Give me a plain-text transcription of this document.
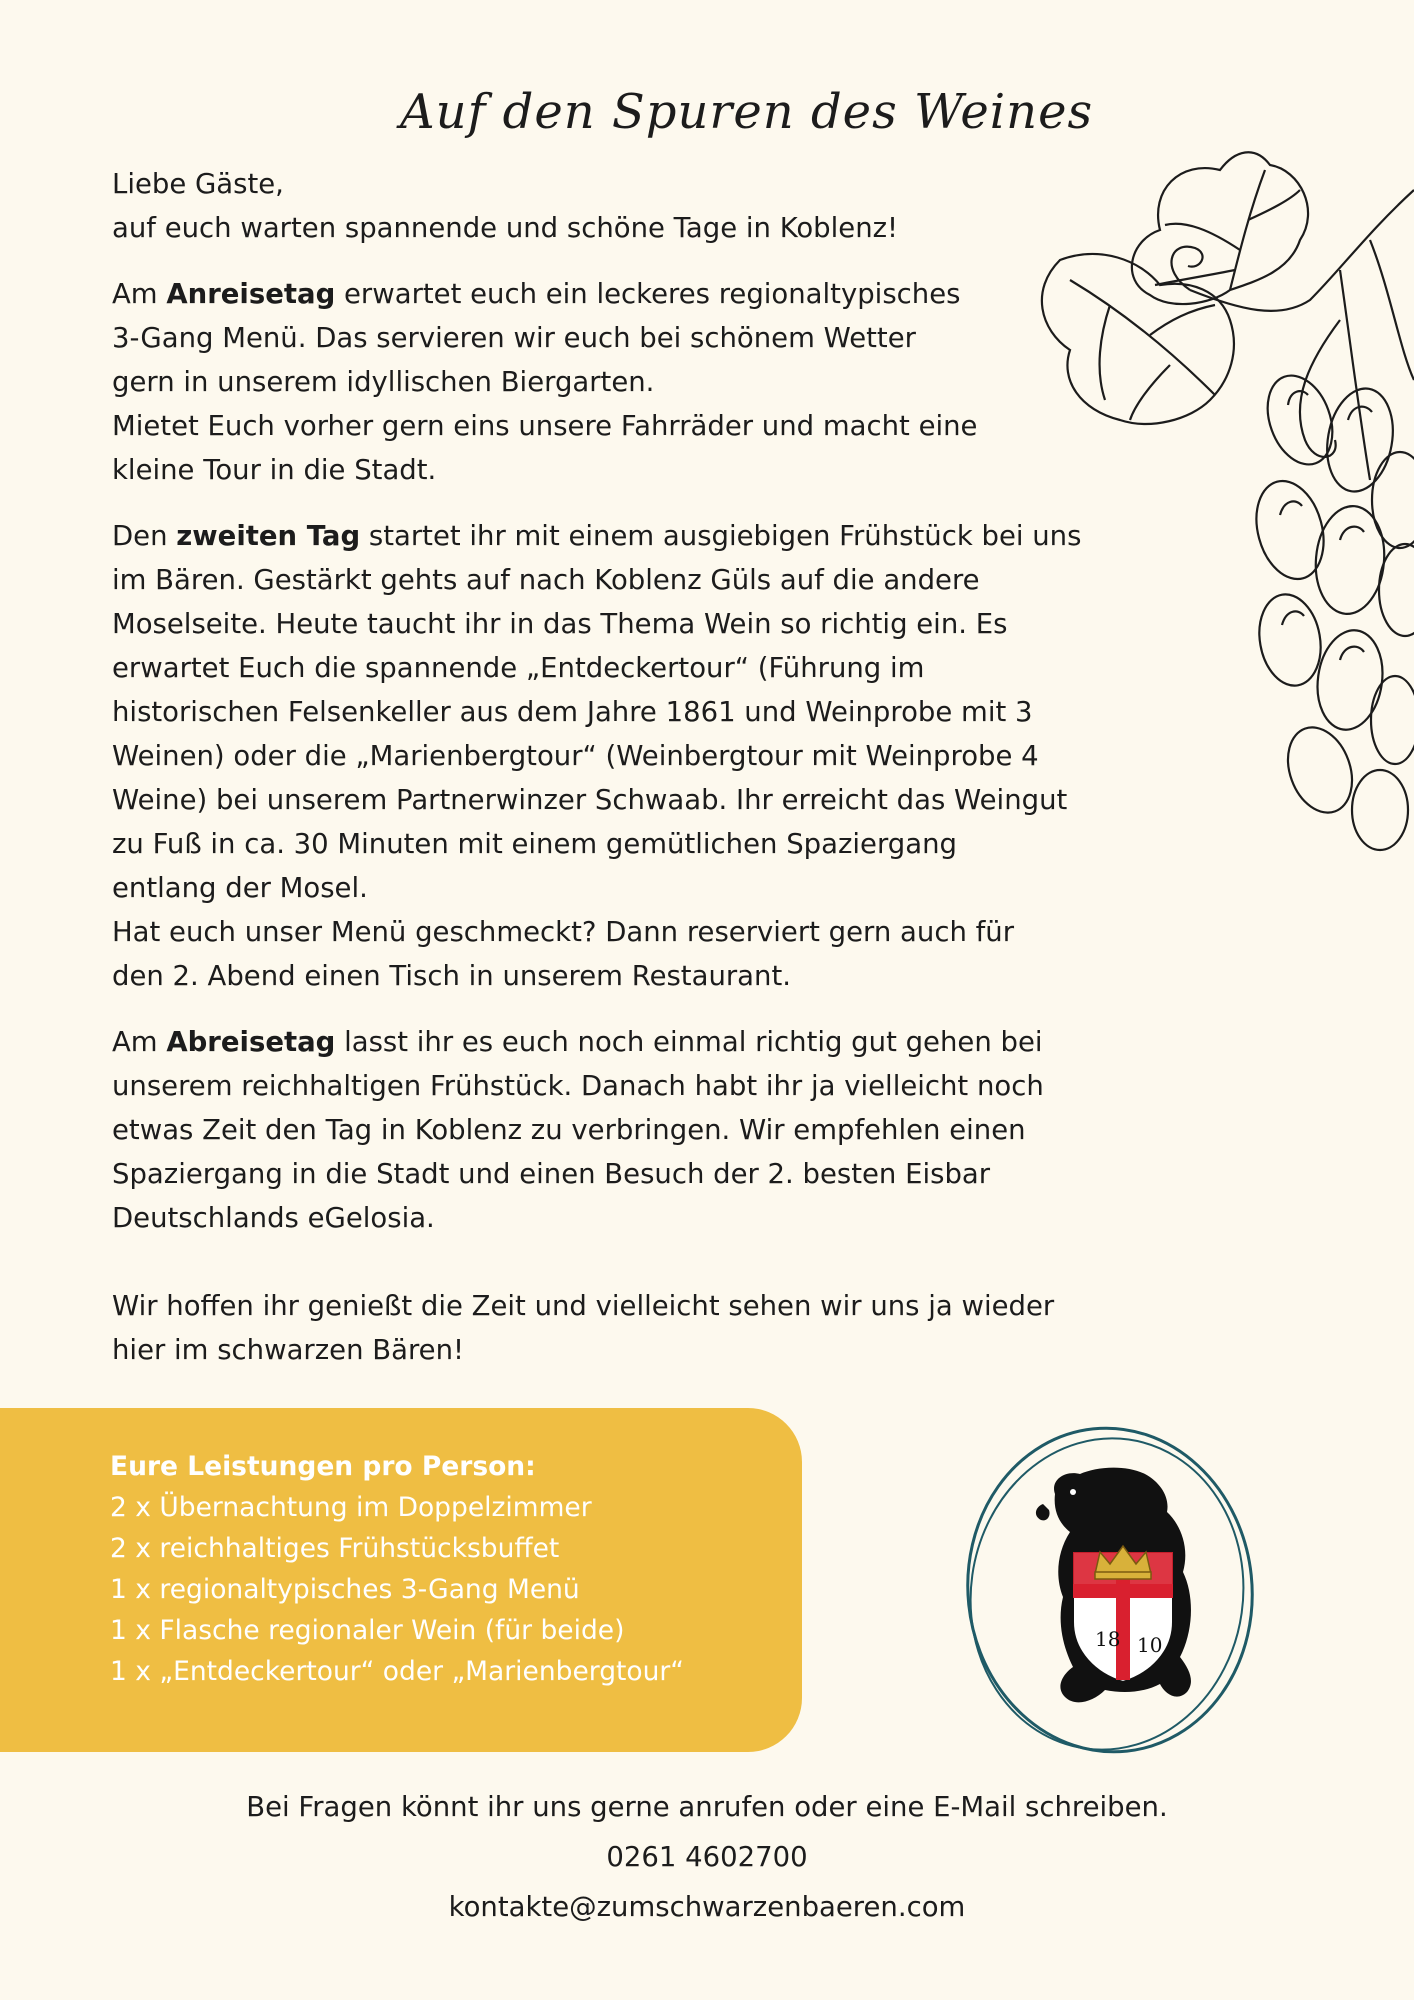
Auf den Spuren des Weines

Liebe Gäste,

auf euch warten spannende und schöne Tage in Koblenz!

Am Anreisetag erwartet euch ein leckeres regionaltypisches

3-Gang Menü. Das servieren wir euch bei schönem Wetter

gern in unserem idyllischen Biergarten.

Mietet Euch vorher gern eins unsere Fahrräder und macht eine

kleine Tour in die Stadt.

Den zweiten Tag startet ihr mit einem ausgiebigen Frühstück bei uns

im Bären. Gestärkt gehts auf nach Koblenz Güls auf die andere

Moselseite. Heute taucht ihr in das Thema Wein so richtig ein. Es

erwartet Euch die spannende „Entdeckertour“ (Führung im

historischen Felsenkeller aus dem Jahre 1861 und Weinprobe mit 3

Weinen) oder die „Marienbergtour“ (Weinbergtour mit Weinprobe 4

Weine) bei unserem Partnerwinzer Schwaab. Ihr erreicht das Weingut

zu Fuß in ca. 30 Minuten mit einem gemütlichen Spaziergang

entlang der Mosel.

Hat euch unser Menü geschmeckt? Dann reserviert gern auch für

den 2. Abend einen Tisch in unserem Restaurant.

Am Abreisetag lasst ihr es euch noch einmal richtig gut gehen bei

unserem reichhaltigen Frühstück. Danach habt ihr ja vielleicht noch

etwas Zeit den Tag in Koblenz zu verbringen. Wir empfehlen einen

Spaziergang in die Stadt und einen Besuch der 2. besten Eisbar

Deutschlands eGelosia.

Wir hoffen ihr genießt die Zeit und vielleicht sehen wir uns ja wieder

hier im schwarzen Bären!

Eure Leistungen pro Person:
2 x Übernachtung im Doppelzimmer
2 x reichhaltiges Frühstücksbuffet
1 x regionaltypisches 3-Gang Menü
1 x Flasche regionaler Wein (für beide)
1 x „Entdeckertour“ oder „Marienbergtour“
18 10
Bei Fragen könnt ihr uns gerne anrufen oder eine E-Mail schreiben.
0261 4602700
kontakte@zumschwarzenbaeren.com
